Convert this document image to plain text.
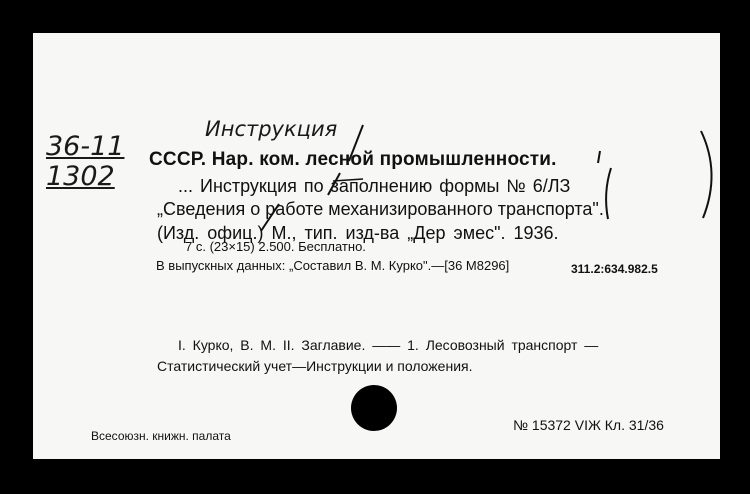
36-11
1302
Инструкция
СССР. Нар. ком. лесной промышленности.
... Инструкция по заполнению формы № 6/ЛЗ
„Сведения о работе механизированного транспорта".
(Изд. офиц.) М., тип. изд-ва „Дер эмес". 1936.
7 с. (23×15) 2.500. Бесплатно.
В выпускных данных: „Составил В. М. Курко".—[36 М8296]	311.2:634.982.5
I. Курко, В. М. II. Заглавие. —— 1. Лесовозный транспорт —
Статистический учет—Инструкции и положения.
Всесоюзн. книжн. палата
№ 15372 VIЖ Кл. 31/36
